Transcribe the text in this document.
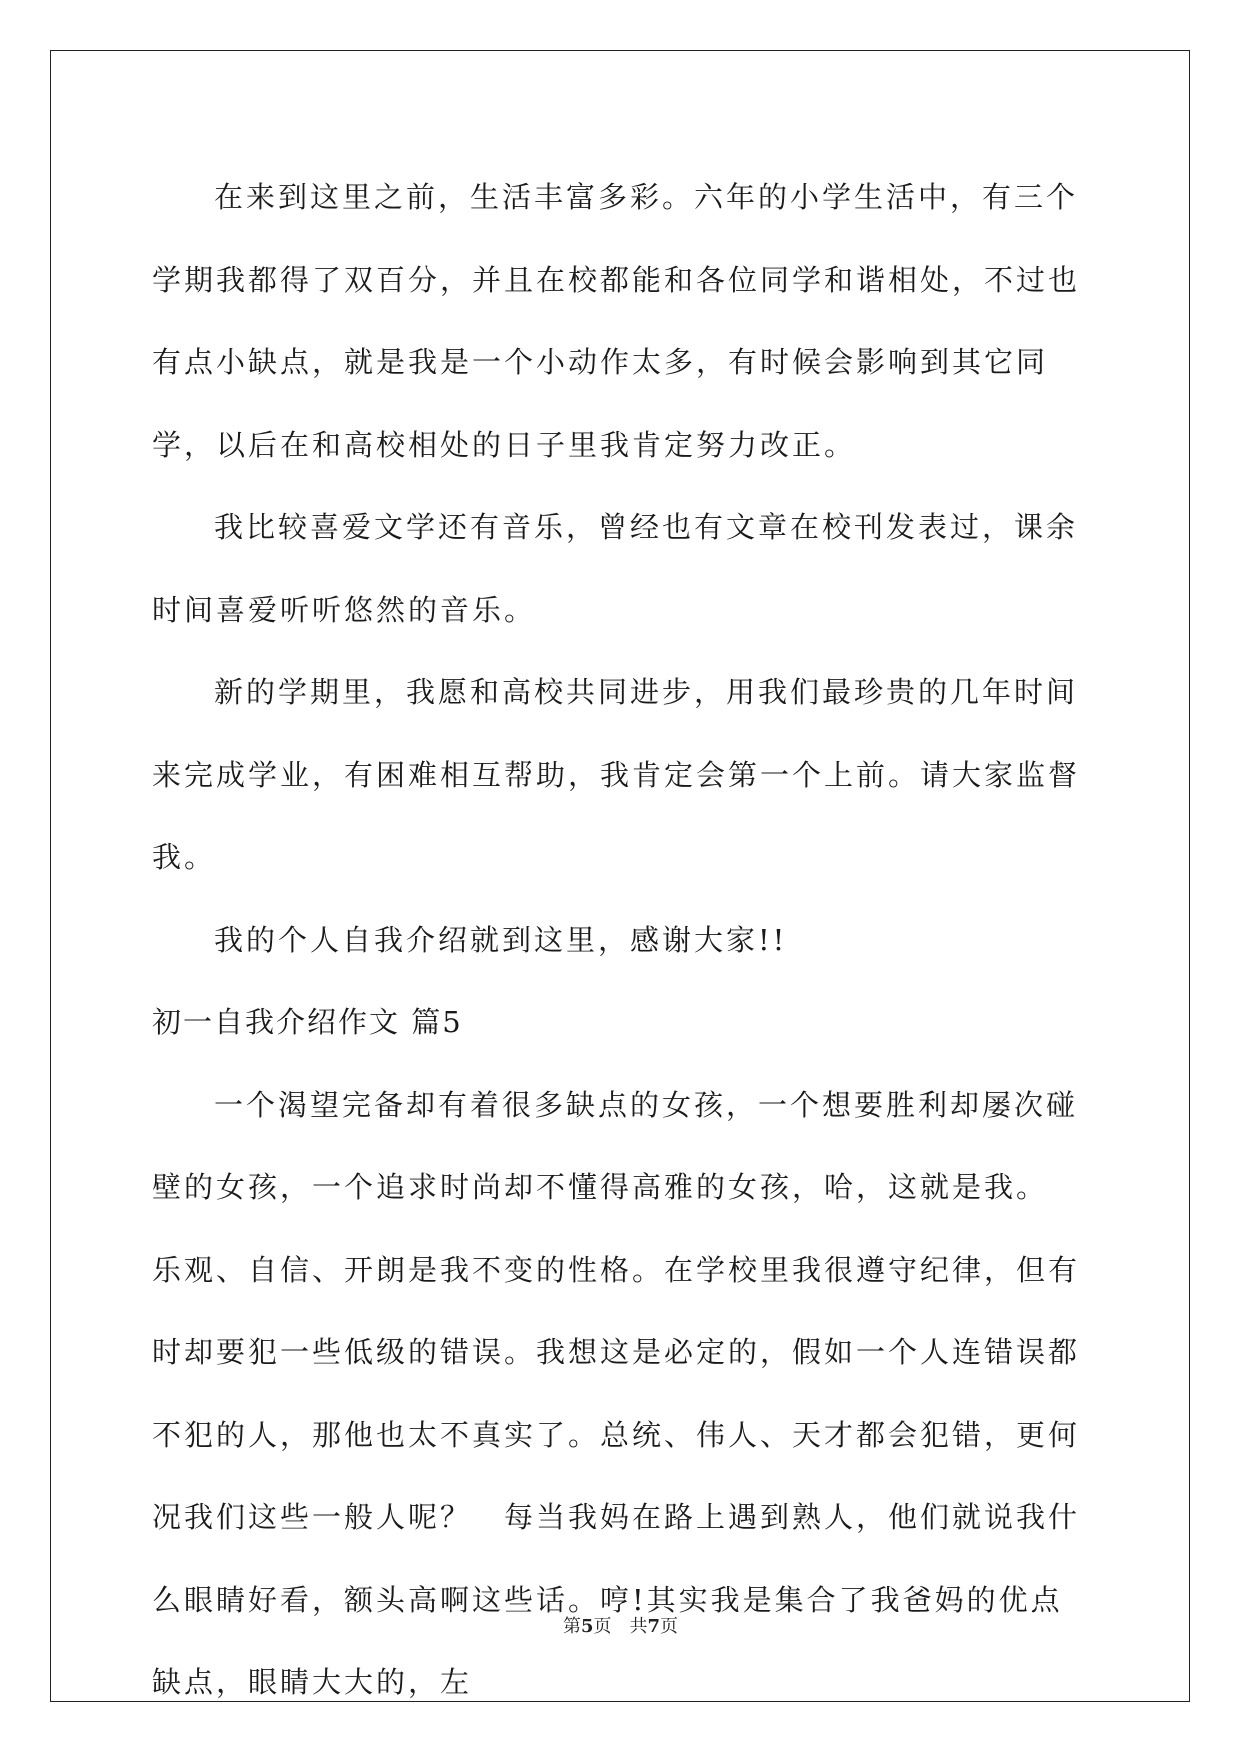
在来到这里之前，生活丰富多彩。六年的小学生活中，有三个学期我都得了双百分，并且在校都能和各位同学和谐相处，不过也有点小缺点，就是我是一个小动作太多，有时候会影响到其它同学，以后在和高校相处的日子里我肯定努力改正。

我比较喜爱文学还有音乐，曾经也有文章在校刊发表过，课余时间喜爱听听悠然的音乐。

新的学期里，我愿和高校共同进步，用我们最珍贵的几年时间来完成学业，有困难相互帮助，我肯定会第一个上前。请大家监督我。

我的个人自我介绍就到这里，感谢大家!!

初一自我介绍作文 篇5

一个渴望完备却有着很多缺点的女孩，一个想要胜利却屡次碰壁的女孩，一个追求时尚却不懂得高雅的女孩，哈，这就是我。　乐观、自信、开朗是我不变的性格。在学校里我很遵守纪律，但有时却要犯一些低级的错误。我想这是必定的，假如一个人连错误都不犯的人，那他也太不真实了。总统、伟人、天才都会犯错，更何况我们这些一般人呢？　每当我妈在路上遇到熟人，他们就说我什么眼睛好看，额头高啊这些话。哼!其实我是集合了我爸妈的优点缺点，眼睛大大的，左

第5页 共7页
